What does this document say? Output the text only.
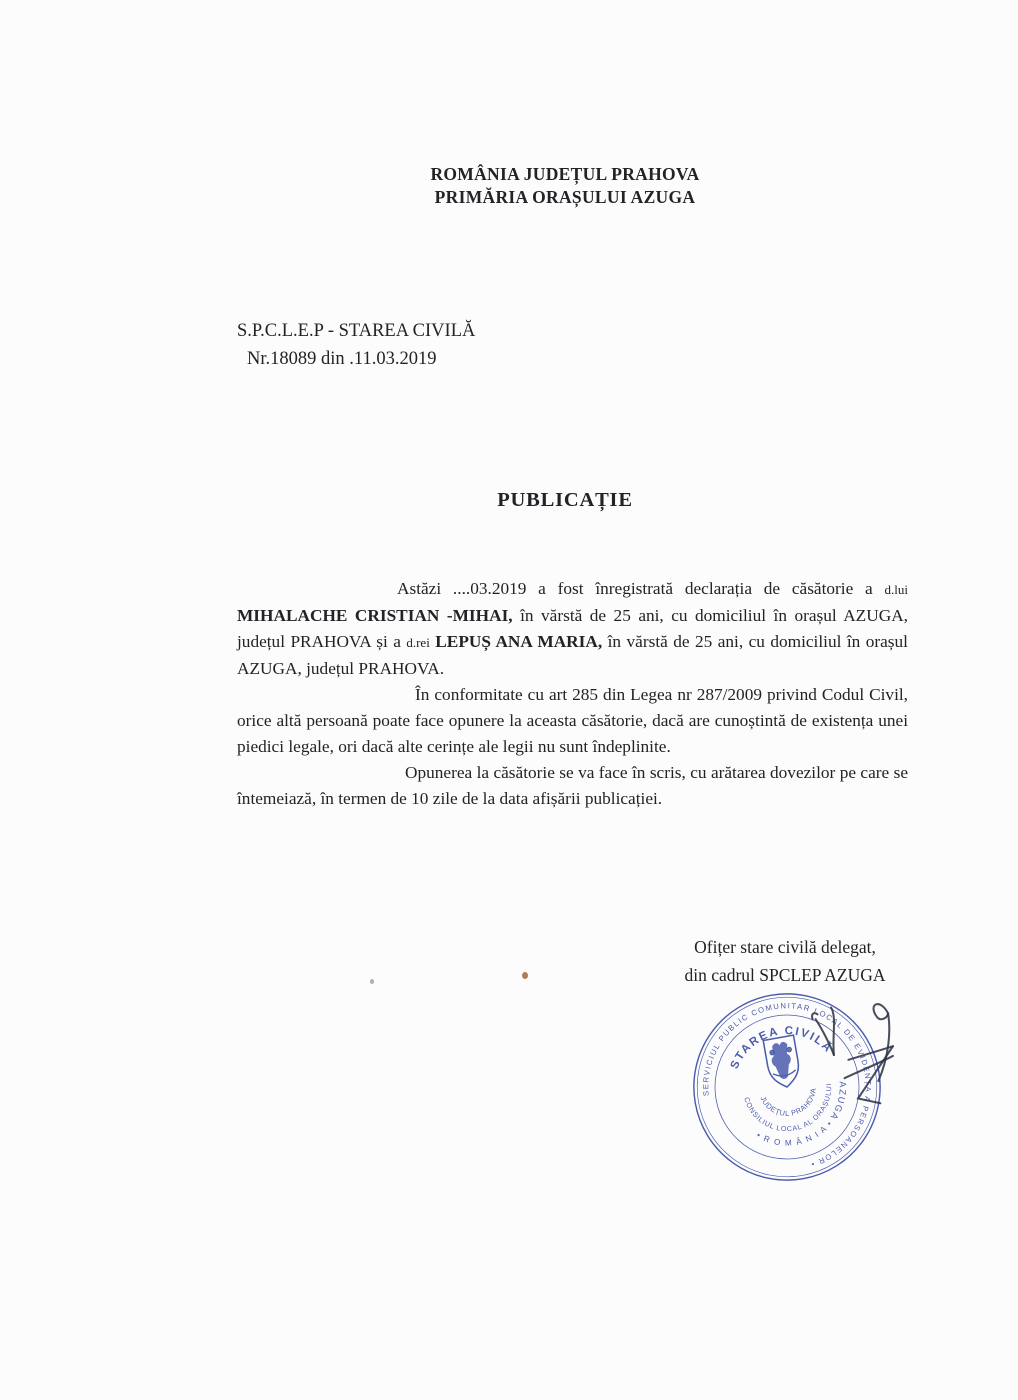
ROMÂNIA JUDEȚUL PRAHOVA
PRIMĂRIA ORAȘULUI AZUGA
S.P.C.L.E.P - STAREA CIVILĂ
Nr.18089 din .11.03.2019
PUBLICAȚIE

Astăzi ....03.2019 a fost înregistrată declarația de căsătorie a d.lui MIHALACHE CRISTIAN -MIHAI, în vărstă de 25 ani, cu domiciliul în orașul AZUGA, județul PRAHOVA și a d.rei LEPUȘ ANA MARIA, în vărstă de 25 ani, cu domiciliul în orașul AZUGA, județul PRAHOVA.

În conformitate cu art 285 din Legea nr 287/2009 privind Codul Civil, orice altă persoană poate face opunere la aceasta căsătorie, dacă are cunoștintă de existența unei piedici legale, ori dacă alte cerințe ale legii nu sunt îndeplinite.

Opunerea la căsătorie se va face în scris, cu arătarea dovezilor pe care se întemeiază, în termen de 10 zile de la data afișării publicației.

Ofițer stare civilă delegat,
din cadrul SPCLEP AZUGA
SERVICIUL PUBLIC COMUNITAR LOCAL DE EVIDENȚA A PERSOANELOR •
STAREA CIVILĂ
AZUGA
CONSILIUL LOCAL AL ORAȘULUI
JUDEȚUL PRAHOVA
• R O M Â N I A •
